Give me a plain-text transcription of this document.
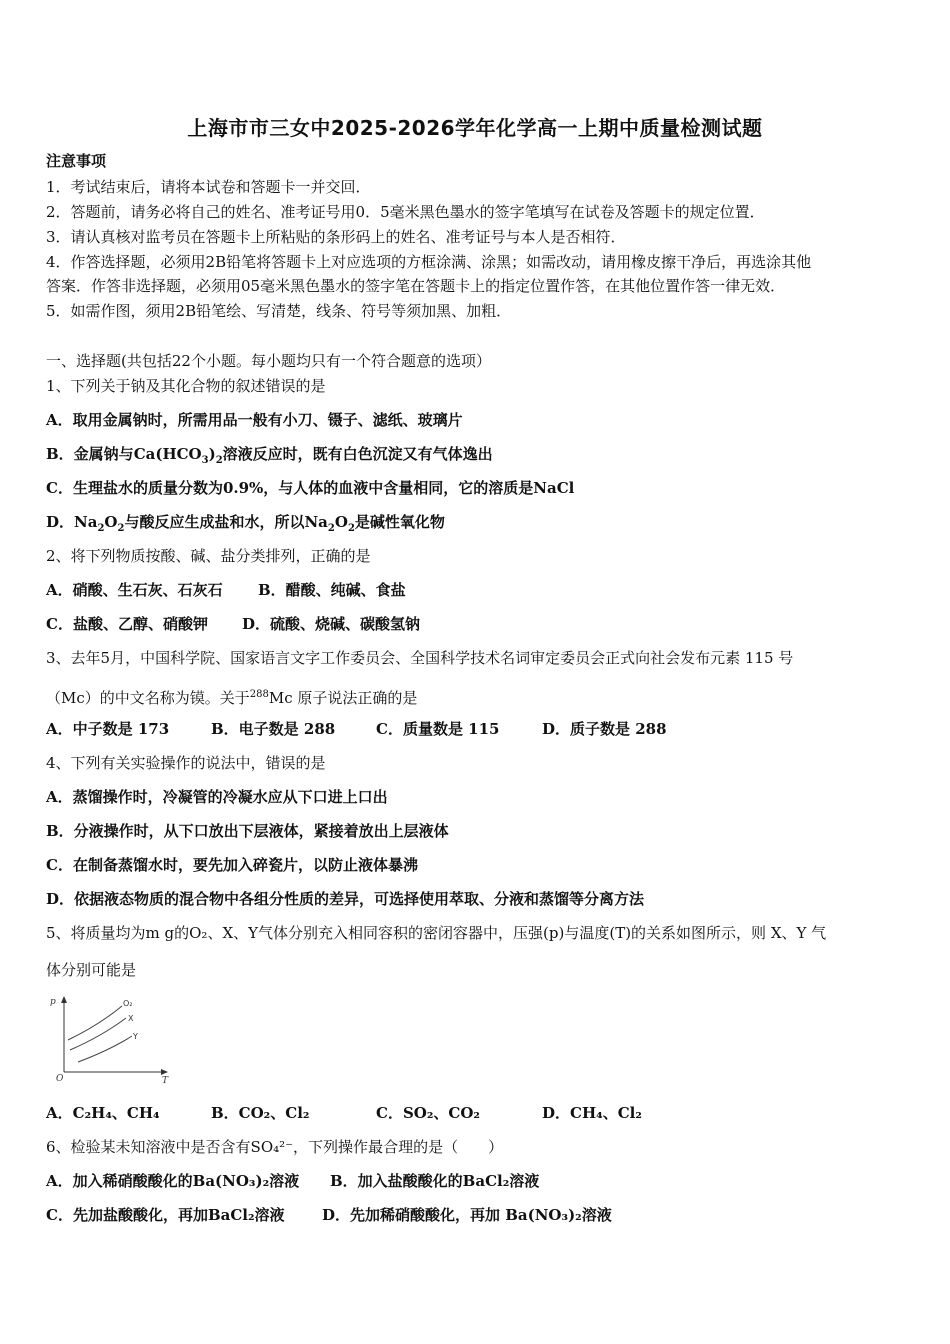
上海市市三女中2025-2026学年化学高一上期中质量检测试题
注意事项
1．考试结束后，请将本试卷和答题卡一并交回．
2．答题前，请务必将自己的姓名、准考证号用0．5毫米黑色墨水的签字笔填写在试卷及答题卡的规定位置．
3．请认真核对监考员在答题卡上所粘贴的条形码上的姓名、准考证号与本人是否相符．
4．作答选择题，必须用2B铅笔将答题卡上对应选项的方框涂满、涂黑；如需改动，请用橡皮擦干净后，再选涂其他
答案．作答非选择题，必须用05毫米黑色墨水的签字笔在答题卡上的指定位置作答，在其他位置作答一律无效．
5．如需作图，须用2B铅笔绘、写清楚，线条、符号等须加黑、加粗．
一、选择题(共包括22个小题。每小题均只有一个符合题意的选项）
1、下列关于钠及其化合物的叙述错误的是
A．取用金属钠时，所需用品一般有小刀、镊子、滤纸、玻璃片
B．金属钠与$Ca(HCO_3)_2$溶液反应时，既有白色沉淀又有气体逸出
C．生理盐水的质量分数为0.9%，与人体的血液中含量相同，它的溶质是NaCl
D．$Na_2O_2$与酸反应生成盐和水，所以$Na_2O_2$是碱性氧化物
2、将下列物质按酸、碱、盐分类排列，正确的是
A．硝酸、生石灰、石灰石 B．醋酸、纯碱、食盐
C．盐酸、乙醇、硝酸钾 D．硫酸、烧碱、碳酸氢钠
3、去年5月，中国科学院、国家语言文字工作委员会、全国科学技术名词审定委员会正式向社会发布元素 115 号
（Mc）的中文名称为镆。关于$^{288}$Mc 原子说法正确的是
A．中子数是 173	B．电子数是 288	C．质量数是 115	D．质子数是 288
4、下列有关实验操作的说法中，错误的是
A．蒸馏操作时，冷凝管的冷凝水应从下口进上口出
B．分液操作时，从下口放出下层液体，紧接着放出上层液体
C．在制备蒸馏水时，要先加入碎瓷片，以防止液体暴沸
D．依据液态物质的混合物中各组分性质的差异，可选择使用萃取、分液和蒸馏等分离方法
5、将质量均为m g的O₂、X、Y气体分别充入相同容积的密闭容器中，压强(p)与温度(T)的关系如图所示，则 X、Y 气
体分别可能是
p
T
O
O₂
X
Y
A．C₂H₄、CH₄	B．CO₂、Cl₂	C．SO₂、CO₂	D．CH₄、Cl₂
6、检验某未知溶液中是否含有SO₄²⁻，下列操作最合理的是（　　）
A．加入稀硝酸酸化的Ba(NO₃)₂溶液 B．加入盐酸酸化的BaCl₂溶液
C．先加盐酸酸化，再加BaCl₂溶液 D．先加稀硝酸酸化，再加 Ba(NO₃)₂溶液
